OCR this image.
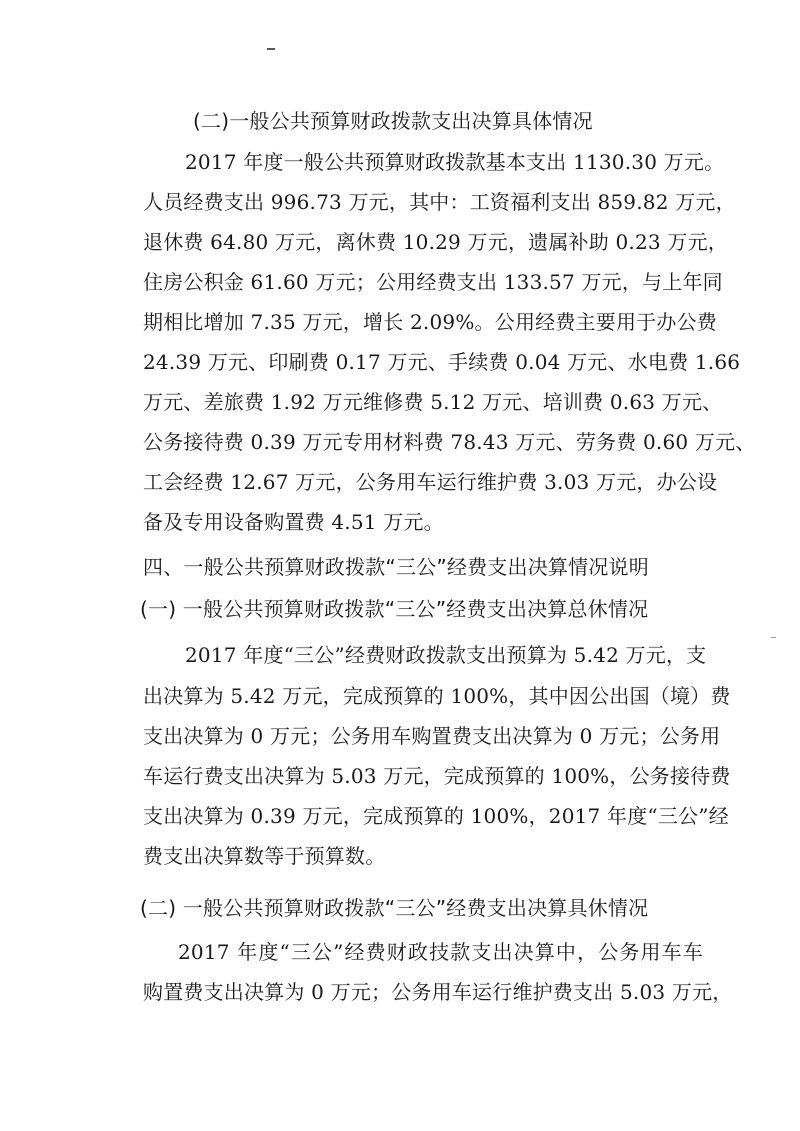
(二)一般公共预算财政拨款支出决算具体情况
2017 年度一般公共预算财政拨款基本支出 1130.30 万元。
人员经费支出 996.73 万元，其中：工资福利支出 859.82 万元，
退休费 64.80 万元，离休费 10.29 万元，遗属补助 0.23 万元，
住房公积金 61.60 万元；公用经费支出 133.57 万元，与上年同
期相比增加 7.35 万元，增长 2.09%。公用经费主要用于办公费
24.39 万元、印刷费 0.17 万元、手续费 0.04 万元、水电费 1.66
万元、差旅费 1.92 万元维修费 5.12 万元、培训费 0.63 万元、
公务接待费 0.39 万元专用材料费 78.43 万元、劳务费 0.60 万元、
工会经费 12.67 万元，公务用车运行维护费 3.03 万元，办公设
备及专用设备购置费 4.51 万元。
四、一般公共预算财政拨款“三公”经费支出决算情况说明
(一) 一般公共预算财政拨款“三公”经费支出决算总休情况
2017 年度“三公”经费财政拨款支出预算为 5.42 万元，支
出决算为 5.42 万元，完成预算的 100%，其中因公出国（境）费
支出决算为 0 万元；公务用车购置费支出决算为 0 万元；公务用
车运行费支出决算为 5.03 万元，完成预算的 100%，公务接待费
支出决算为 0.39 万元，完成预算的 100%，2017 年度“三公”经
费支出决算数等于预算数。
(二) 一般公共预算财政拨款“三公”经费支出决算具休情况
2017 年度“三公”经费财政技款支出决算中，公务用车车
购置费支出决算为 0 万元；公务用车运行维护费支出 5.03 万元，
